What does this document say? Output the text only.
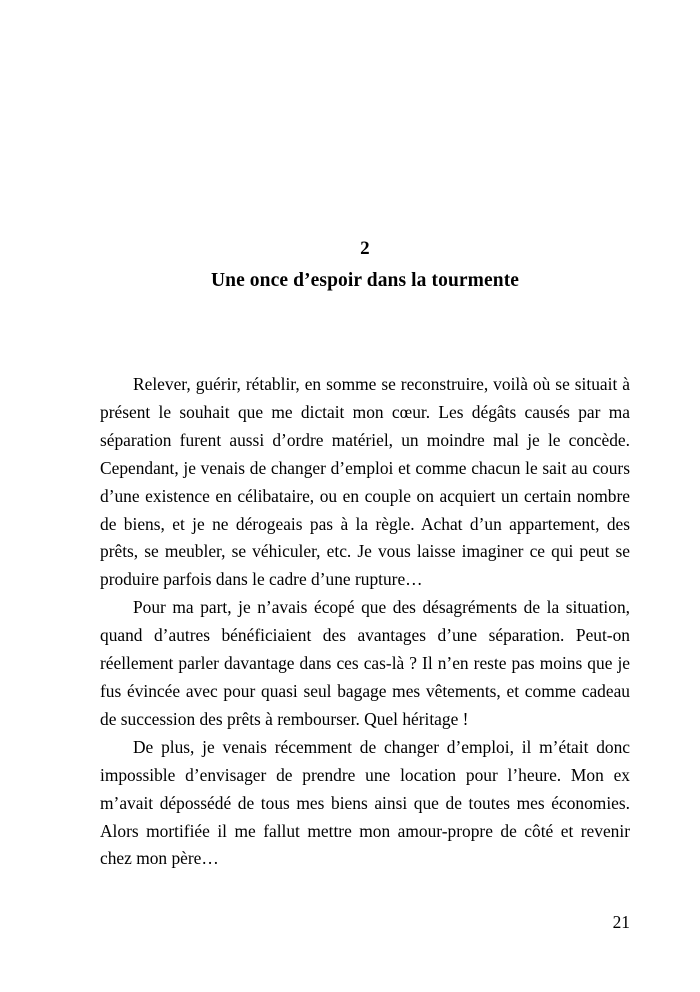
2
Une once d’espoir dans la tourmente

Relever, guérir, rétablir, en somme se reconstruire, voilà où se situait à présent le souhait que me dictait mon cœur. Les dégâts causés par ma séparation furent aussi d’ordre matériel, un moindre mal je le concède. Cependant, je venais de changer d’emploi et comme chacun le sait au cours d’une existence en célibataire, ou en couple on acquiert un certain nombre de biens, et je ne dérogeais pas à la règle. Achat d’un appartement, des prêts, se meubler, se véhiculer, etc. Je vous laisse imaginer ce qui peut se produire parfois dans le cadre d’une rupture…

Pour ma part, je n’avais écopé que des désagréments de la situation, quand d’autres bénéficiaient des avantages d’une séparation. Peut-on réellement parler davantage dans ces cas-là ? Il n’en reste pas moins que je fus évincée avec pour quasi seul bagage mes vêtements, et comme cadeau de succession des prêts à rembourser. Quel héritage !

De plus, je venais récemment de changer d’emploi, il m’était donc impossible d’envisager de prendre une location pour l’heure. Mon ex m’avait dépossédé de tous mes biens ainsi que de toutes mes économies. Alors mortifiée il me fallut mettre mon amour-propre de côté et revenir chez mon père…

21
